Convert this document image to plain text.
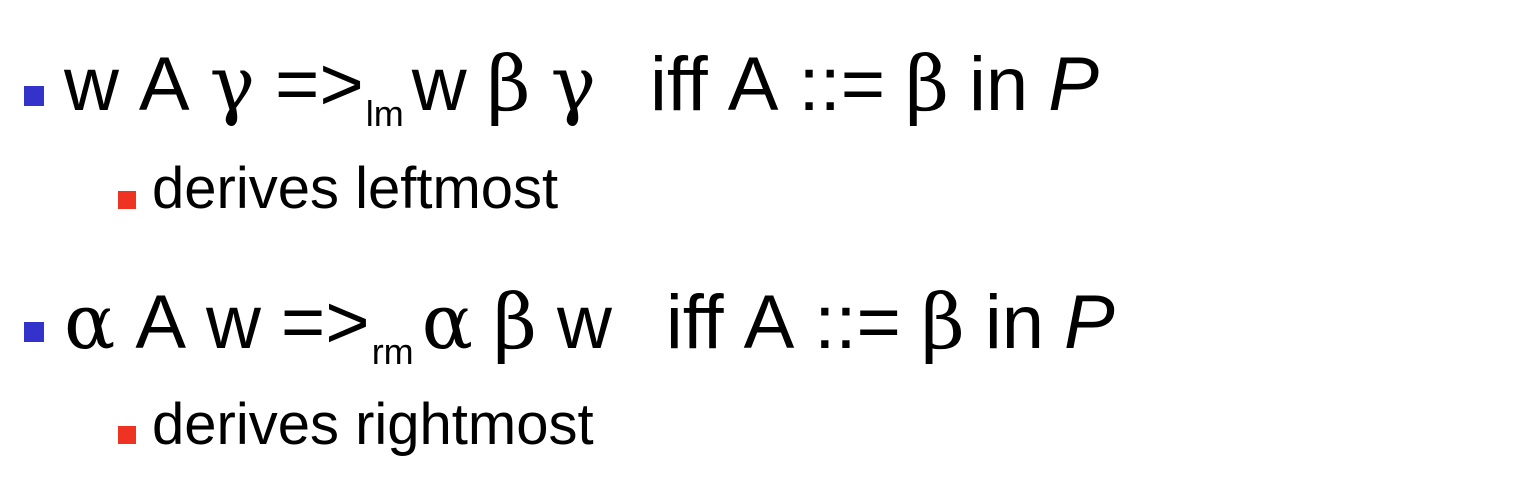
w A γ => lm w β γ iff A ::= β in P
derives leftmost
α A w => rm α β w iff A ::= β in P
derives rightmost
